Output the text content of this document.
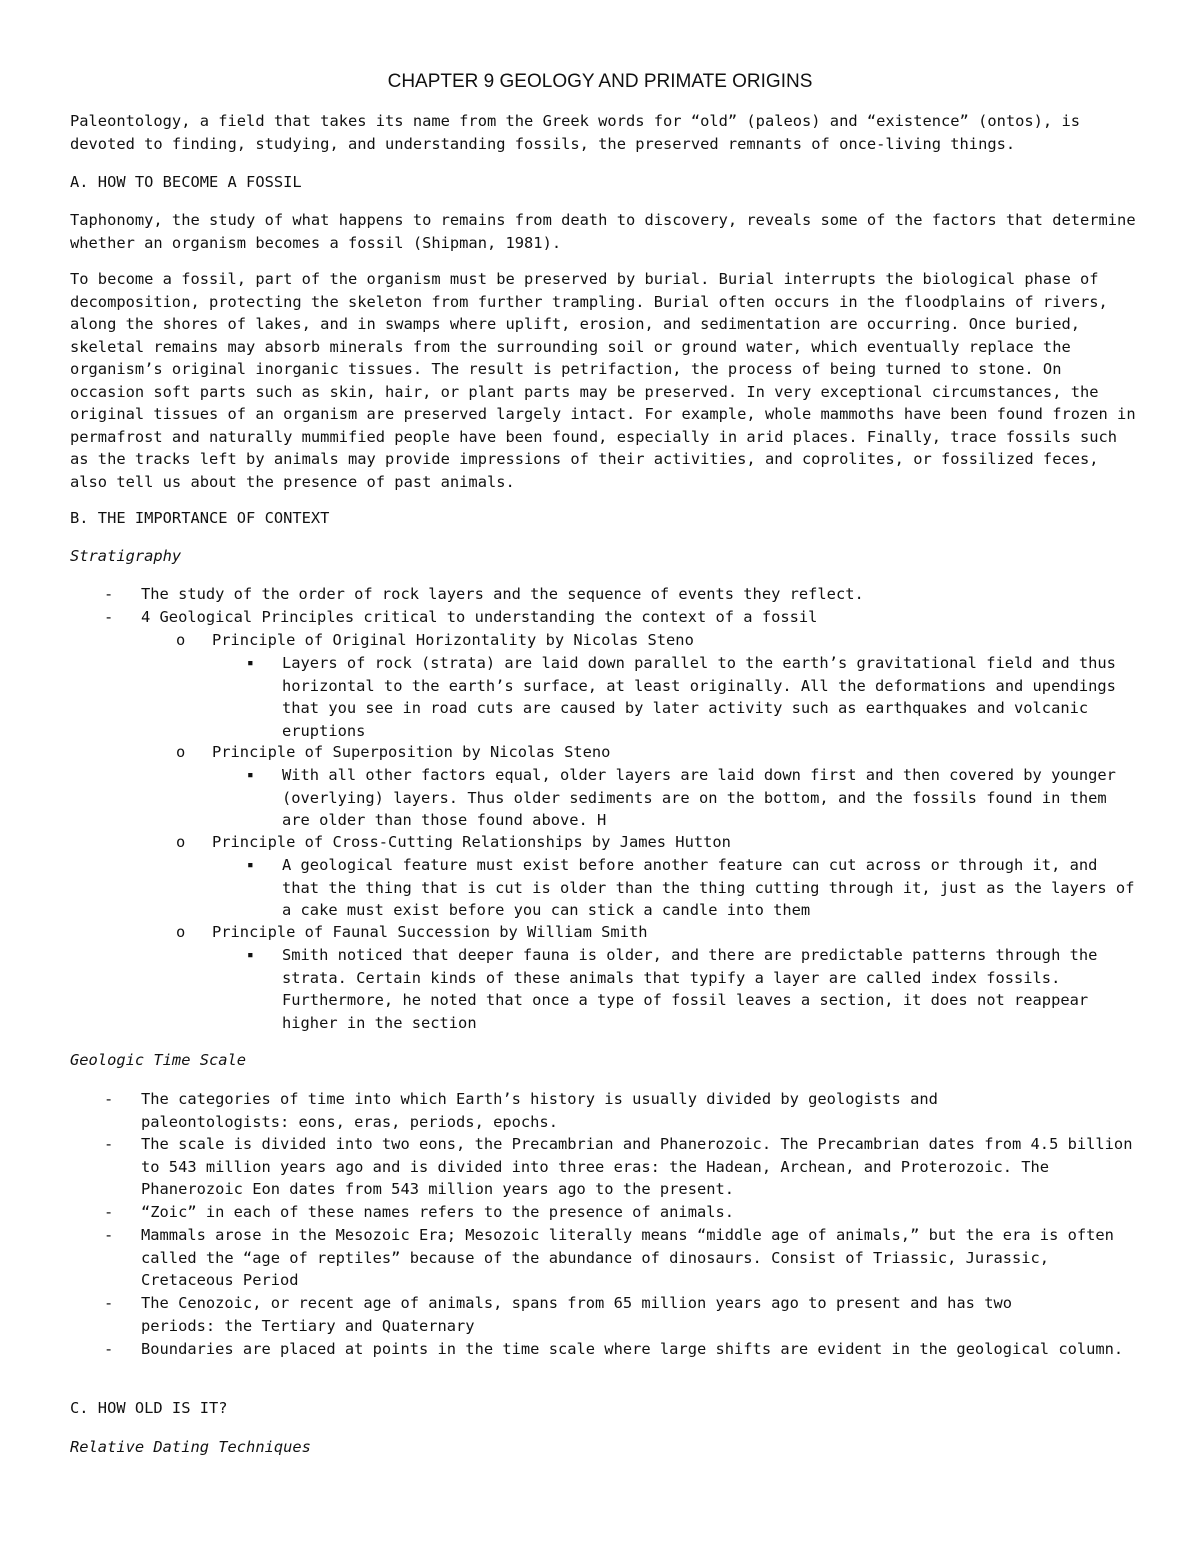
CHAPTER 9 GEOLOGY AND PRIMATE ORIGINS

Paleontology, a field that takes its name from the Greek words for “old” (paleos) and “existence” (ontos), is devoted to finding, studying, and understanding fossils, the preserved remnants of once-living things.

A. HOW TO BECOME A FOSSIL

Taphonomy, the study of what happens to remains from death to discovery, reveals some of the factors that determine whether an organism becomes a fossil (Shipman, 1981).

To become a fossil, part of the organism must be preserved by burial. Burial interrupts the biological phase of decomposition, protecting the skeleton from further trampling. Burial often occurs in the floodplains of rivers, along the shores of lakes, and in swamps where uplift, erosion, and sedimentation are occurring. Once buried, skeletal remains may absorb minerals from the surrounding soil or ground water, which eventually replace the organism’s original inorganic tissues. The result is petrifaction, the process of being turned to stone. On occasion soft parts such as skin, hair, or plant parts may be preserved. In very exceptional circumstances, the original tissues of an organism are preserved largely intact. For example, whole mammoths have been found frozen in permafrost and naturally mummified people have been found, especially in arid places. Finally, trace fossils such as the tracks left by animals may provide impressions of their activities, and coprolites, or fossilized feces, also tell us about the presence of past animals.

B. THE IMPORTANCE OF CONTEXT

Stratigraphy

- The study of the order of rock layers and the sequence of events they reflect.

- 4 Geological Principles critical to understanding the context of a fossil

o Principle of Original Horizontality by Nicolas Steno

▪ Layers of rock (strata) are laid down parallel to the earth’s gravitational field and thus horizontal to the earth’s surface, at least originally. All the deformations and upendings that you see in road cuts are caused by later activity such as earthquakes and volcanic eruptions

o Principle of Superposition by Nicolas Steno

▪ With all other factors equal, older layers are laid down first and then covered by younger (overlying) layers. Thus older sediments are on the bottom, and the fossils found in them are older than those found above. H

o Principle of Cross-Cutting Relationships by James Hutton

▪ A geological feature must exist before another feature can cut across or through it, and that the thing that is cut is older than the thing cutting through it, just as the layers of a cake must exist before you can stick a candle into them

o Principle of Faunal Succession by William Smith

▪ Smith noticed that deeper fauna is older, and there are predictable patterns through the strata. Certain kinds of these animals that typify a layer are called index fossils. Furthermore, he noted that once a type of fossil leaves a section, it does not reappear higher in the section

Geologic Time Scale

- The categories of time into which Earth’s history is usually divided by geologists and paleontologists: eons, eras, periods, epochs.

- The scale is divided into two eons, the Precambrian and Phanerozoic. The Precambrian dates from 4.5 billion to 543 million years ago and is divided into three eras: the Hadean, Archean, and Proterozoic. The Phanerozoic Eon dates from 543 million years ago to the present.

- “Zoic” in each of these names refers to the presence of animals.

- Mammals arose in the Mesozoic Era; Mesozoic literally means “middle age of animals,” but the era is often called the “age of reptiles” because of the abundance of dinosaurs. Consist of Triassic, Jurassic, Cretaceous Period

- The Cenozoic, or recent age of animals, spans from 65 million years ago to present and has two periods: the Tertiary and Quaternary

- Boundaries are placed at points in the time scale where large shifts are evident in the geological column.

C. HOW OLD IS IT?

Relative Dating Techniques
